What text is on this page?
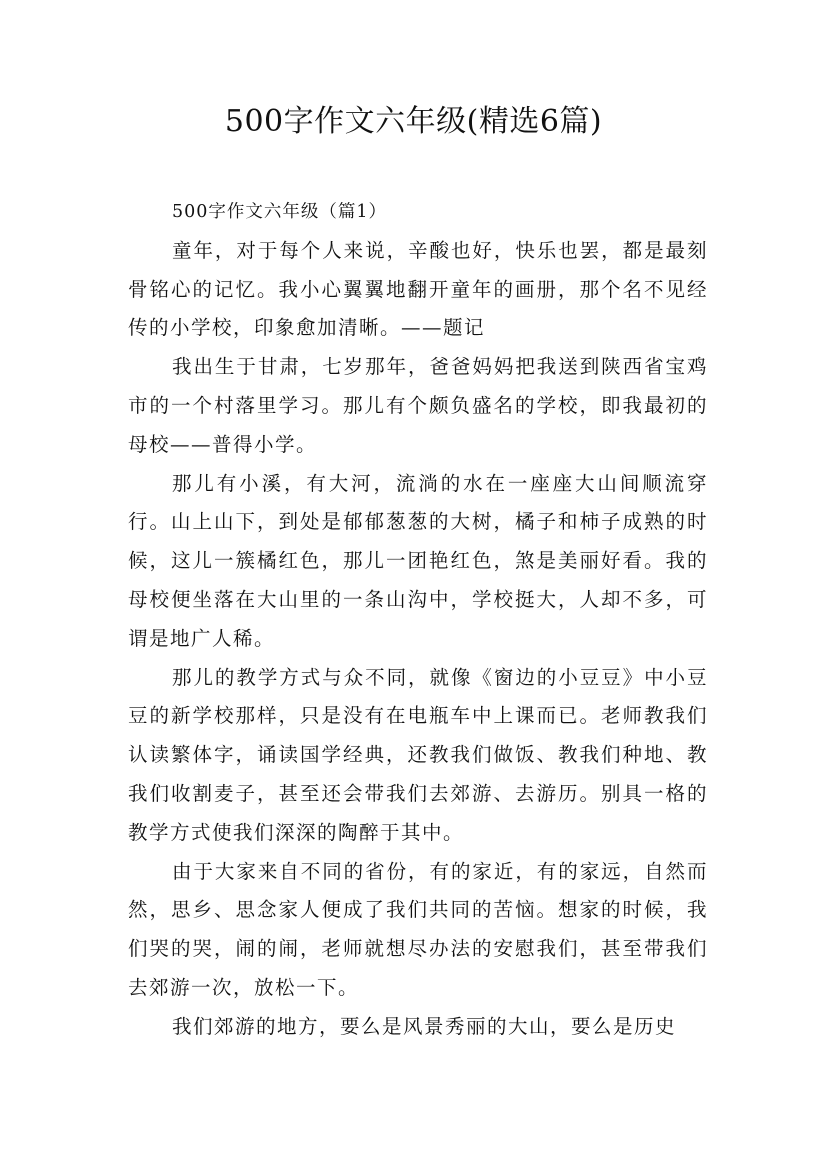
500字作文六年级(精选6篇)

500字作文六年级（篇1）

童年，对于每个人来说，辛酸也好，快乐也罢，都是最刻骨铭心的记忆。我小心翼翼地翻开童年的画册，那个名不见经传的小学校，印象愈加清晰。——题记

我出生于甘肃，七岁那年，爸爸妈妈把我送到陕西省宝鸡市的一个村落里学习。那儿有个颇负盛名的学校，即我最初的母校——普得小学。

那儿有小溪，有大河，流淌的水在一座座大山间顺流穿行。山上山下，到处是郁郁葱葱的大树，橘子和柿子成熟的时候，这儿一簇橘红色，那儿一团艳红色，煞是美丽好看。我的母校便坐落在大山里的一条山沟中，学校挺大，人却不多，可谓是地广人稀。

那儿的教学方式与众不同，就像《窗边的小豆豆》中小豆豆的新学校那样，只是没有在电瓶车中上课而已。老师教我们认读繁体字，诵读国学经典，还教我们做饭、教我们种地、教我们收割麦子，甚至还会带我们去郊游、去游历。别具一格的教学方式使我们深深的陶醉于其中。

由于大家来自不同的省份，有的家近，有的家远，自然而然，思乡、思念家人便成了我们共同的苦恼。想家的时候，我们哭的哭，闹的闹，老师就想尽办法的安慰我们，甚至带我们去郊游一次，放松一下。

我们郊游的地方，要么是风景秀丽的大山，要么是历史
